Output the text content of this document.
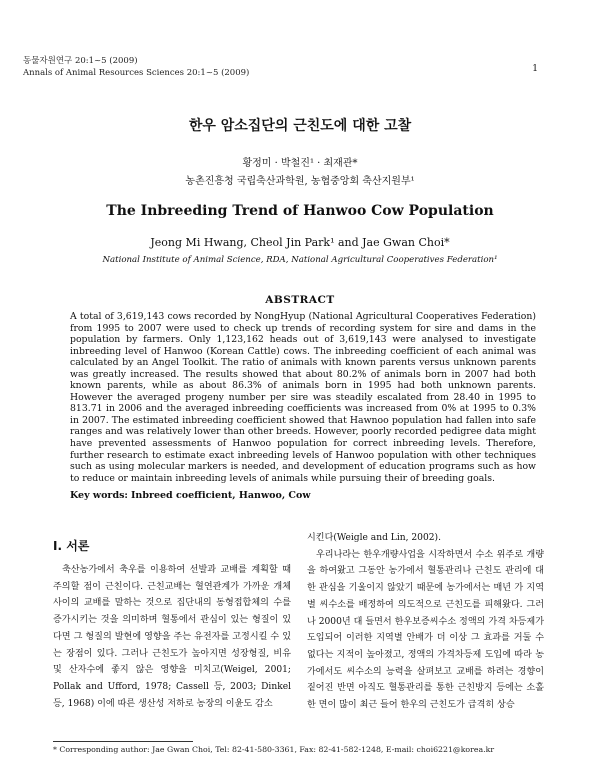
동물자원연구 20:1~5 (2009)
Annals of Animal Resources Sciences 20:1~5 (2009)	1
한우 암소집단의 근친도에 대한 고찰
황정미 · 박철진¹ · 최재관*
농촌진흥청 국립축산과학원, 농협중앙회 축산지원부¹
The Inbreeding Trend of Hanwoo Cow Population
Jeong Mi Hwang, Cheol Jin Park¹ and Jae Gwan Choi*
National Institute of Animal Science, RDA, National Agricultural Cooperatives Federation¹
ABSTRACT
A total of 3,619,143 cows recorded by NongHyup (National Agricultural Cooperatives Federation) from 1995 to 2007 were used to check up trends of recording system for sire and dams in the population by farmers. Only 1,123,162 heads out of 3,619,143 were analysed to investigate inbreeding level of Hanwoo (Korean Cattle) cows. The inbreeding coefficient of each animal was calculated by an Angel Toolkit. The ratio of animals with known parents versus unknown parents was greatly increased. The results showed that about 80.2% of animals born in 2007 had both known parents, while as about 86.3% of animals born in 1995 had both unknown parents. However the averaged progeny number per sire was steadily escalated from 28.40 in 1995 to 813.71 in 2006 and the averaged inbreeding coefficients was increased from 0% at 1995 to 0.3% in 2007. The estimated inbreeding coefficient showed that Hawnoo population had fallen into safe ranges and was relatively lower than other breeds. However, poorly recorded pedigree data might have prevented assessments of Hanwoo population for correct inbreeding levels. Therefore, further research to estimate exact inbreeding levels of Hanwoo population with other techniques such as using molecular markers is needed, and development of education programs such as how to reduce or maintain inbreeding levels of animals while pursuing their of breeding goals.
Key words: Inbreed coefficient, Hanwoo, Cow
Ⅰ. 서론
축산농가에서 축우를 이용하여 선발과 교배를 계획할 때 주의할 점이 근친이다. 근친교배는 혈연관계가 가까운 개체 사이의 교배를 말하는 것으로 집단내의 동형접합체의 수를 증가시키는 것을 의미하며 혈통에서 관심이 있는 형질이 있다면 그 형질의 발현에 영향을 주는 유전자를 고정시킬 수 있는 장점이 있다. 그러나 근친도가 높아지면 성장형질, 비유 및 산자수에 좋지 않은 영향을 미치고(Weigel, 2001; Pollak and Ufford, 1978; Cassell 등, 2003; Dinkel 등, 1968) 이에 따른 생산성 저하로 농장의 이윤도 감소
시킨다(Weigle and Lin, 2002).
우리나라는 한우개량사업을 시작하면서 수소 위주로 개량을 하여왔고 그동안 농가에서 혈통관리나 근친도 관리에 대한 관심을 기울이지 않았기 때문에 농가에서는 매년 가 지역별 씨수소를 배정하여 의도적으로 근친도를 피해왔다. 그러나 2000년 대 들면서 한우보증씨수소 정액의 가격 차등제가 도입되어 이러한 지역별 안배가 더 이상 그 효과를 거둘 수 없다는 지적이 높아졌고, 정액의 가격차등제 도입에 따라 농가에서도 씨수소의 능력을 살펴보고 교배를 하려는 경향이 짙어진 반면 아직도 혈통관리를 통한 근친방지 등에는 소홀한 면이 많이 최근 들어 한우의 근친도가 급격히 상승
* Corresponding author: Jae Gwan Choi, Tel: 82-41-580-3361, Fax: 82-41-582-1248, E-mail: choi6221@korea.kr
